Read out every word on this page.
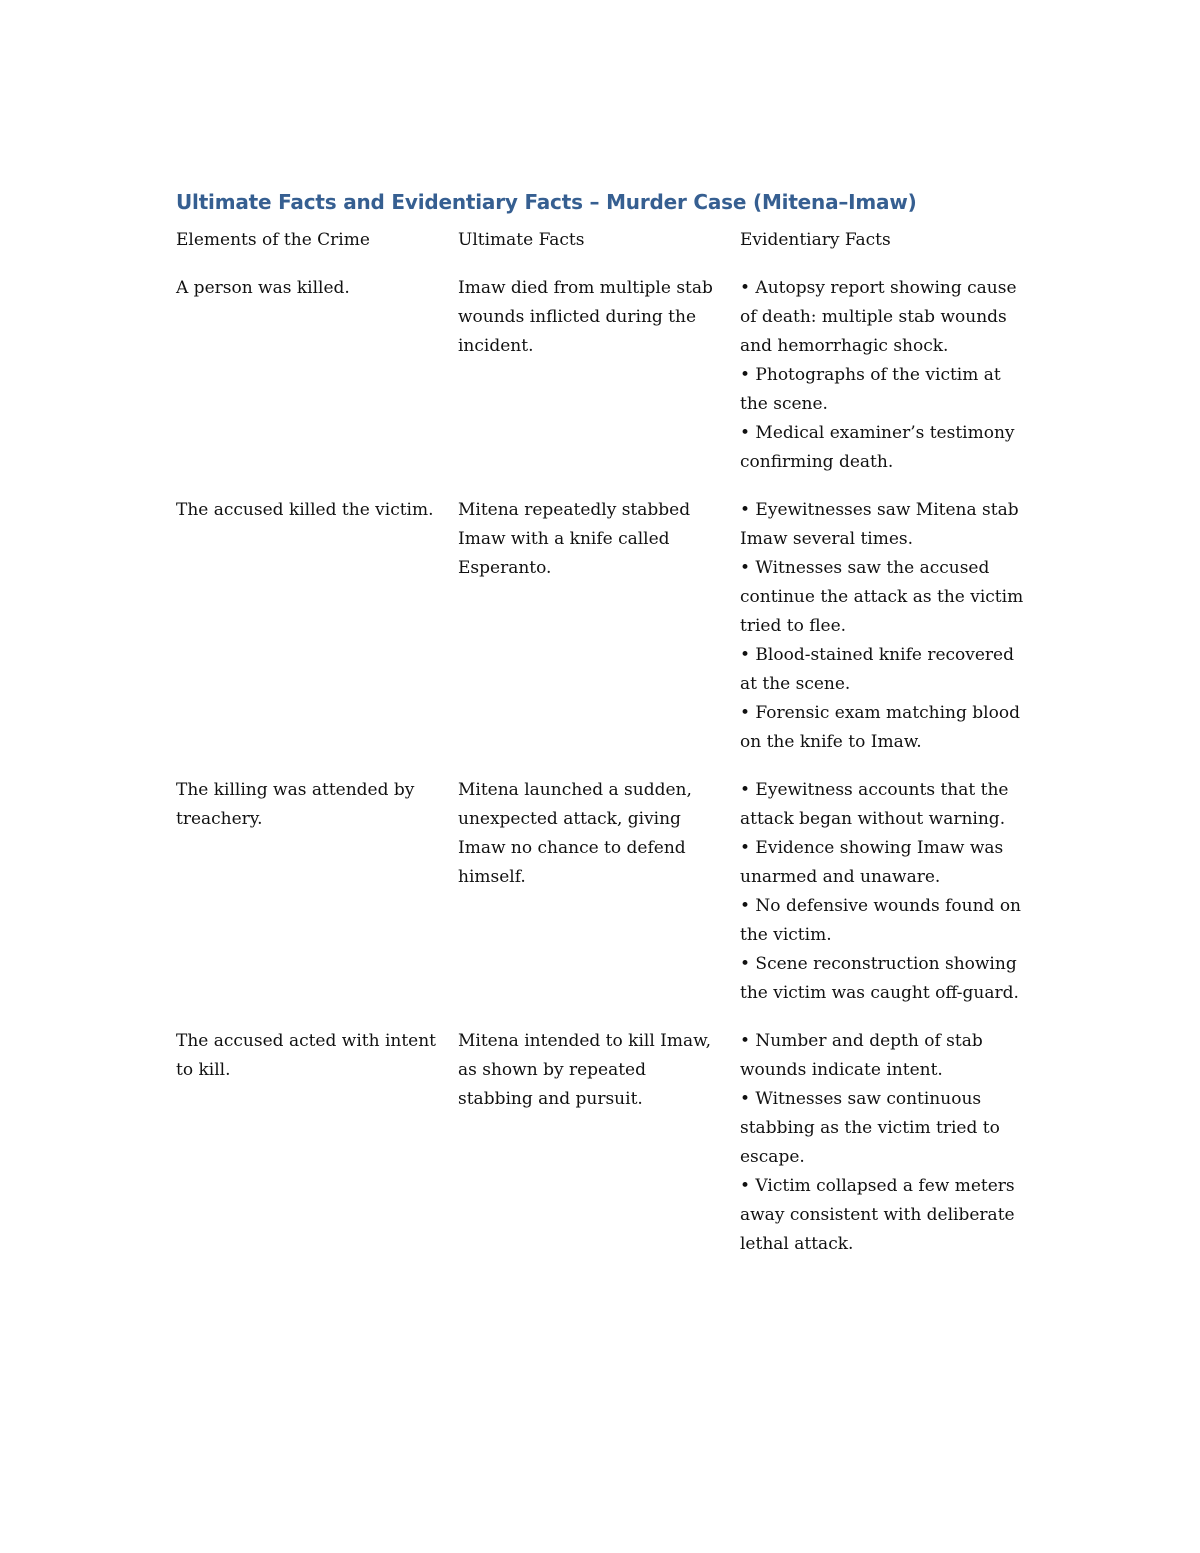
Ultimate Facts and Evidentiary Facts – Murder Case (Mitena–Imaw)
Elements of the Crime	Ultimate Facts	Evidentiary Facts
A person was killed.	Imaw died from multiple stab wounds inflicted during the incident.	• Autopsy report showing cause of death: multiple stab wounds and hemorrhagic shock.
• Photographs of the victim at the scene.
• Medical examiner’s testimony confirming death.

The accused killed the victim.	Mitena repeatedly stabbed Imaw with a knife called Esperanto.	• Eyewitnesses saw Mitena stab Imaw several times.
• Witnesses saw the accused continue the attack as the victim tried to flee.
• Blood-stained knife recovered at the scene.
• Forensic exam matching blood on the knife to Imaw.

The killing was attended by treachery.	Mitena launched a sudden, unexpected attack, giving Imaw no chance to defend himself.	• Eyewitness accounts that the attack began without warning.
• Evidence showing Imaw was unarmed and unaware.
• No defensive wounds found on the victim.
• Scene reconstruction showing the victim was caught off-guard.

The accused acted with intent to kill.	Mitena intended to kill Imaw, as shown by repeated stabbing and pursuit.	• Number and depth of stab wounds indicate intent.
• Witnesses saw continuous stabbing as the victim tried to escape.
• Victim collapsed a few meters away consistent with deliberate lethal attack.
